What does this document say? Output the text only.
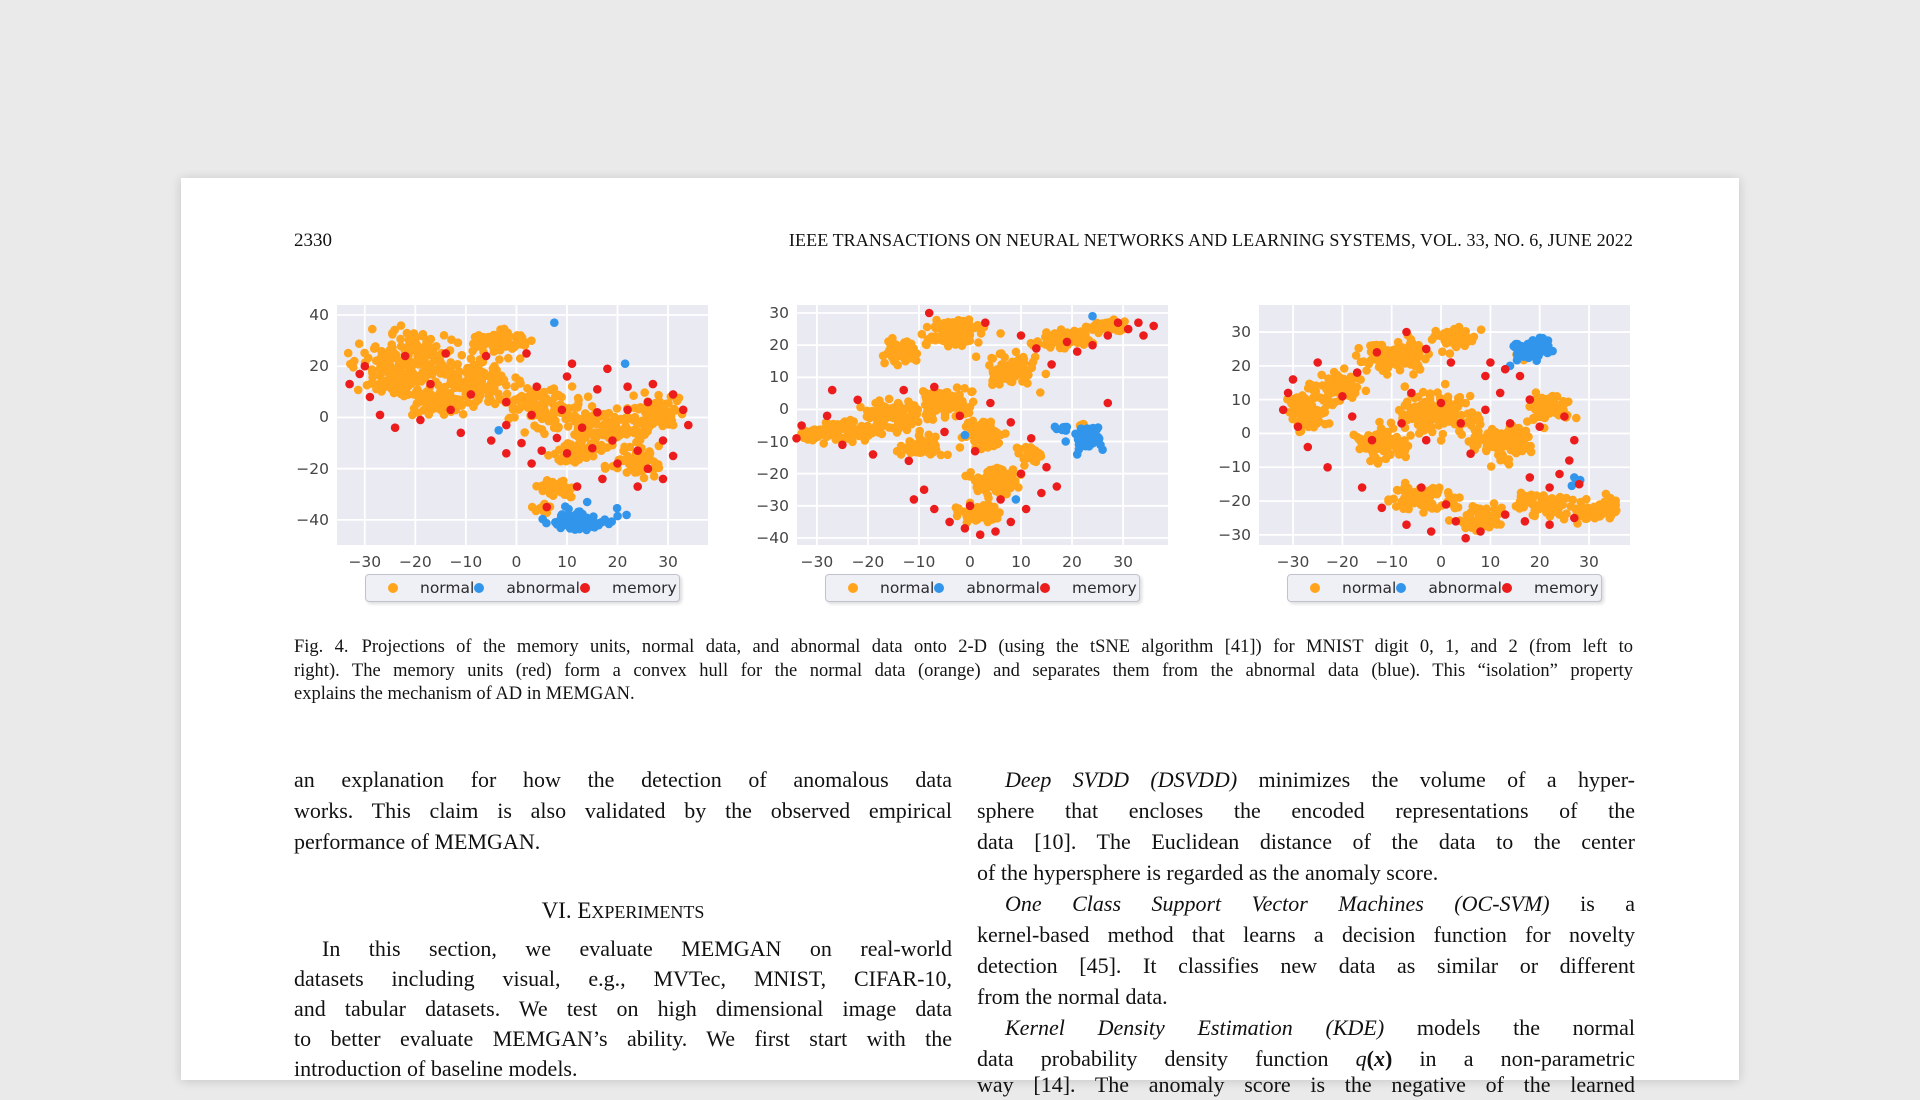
2330	IEEE TRANSACTIONS ON NEURAL NETWORKS AND LEARNING SYSTEMS, VOL. 33, NO. 6, JUNE 2022
40
20
0
−20
−40
−30	−20	−10	0	10	20	30
normal abnormal memory
30
20
10
0
−10
−20
−30
−40
−30	−20	−10	0	10	20	30
normal abnormal memory
30
20
10
0
−10
−20
−30
−30	−20	−10	0	10	20	30
normal abnormal memory
Fig. 4. Projections of the memory units, normal data, and abnormal data onto 2-D (using the tSNE algorithm [41]) for MNIST digit 0, 1, and 2 (from left to
right). The memory units (red) form a convex hull for the normal data (orange) and separates them from the abnormal data (blue). This “isolation” property
explains the mechanism of AD in MEMGAN.
an explanation for how the detection of anomalous data
works. This claim is also validated by the observed empirical
performance of MEMGAN.
VI. EXPERIMENTS
In this section, we evaluate MEMGAN on real-world
datasets including visual, e.g., MVTec, MNIST, CIFAR-10,
and tabular datasets. We test on high dimensional image data
to better evaluate MEMGAN’s ability. We first start with the
introduction of baseline models.
Deep SVDD (DSVDD) minimizes the volume of a hyper-
sphere that encloses the encoded representations of the
data [10]. The Euclidean distance of the data to the center
of the hypersphere is regarded as the anomaly score.
One Class Support Vector Machines (OC-SVM) is a
kernel-based method that learns a decision function for novelty
detection [45]. It classifies new data as similar or different
from the normal data.
Kernel Density Estimation (KDE) models the normal
data probability density function q(x) in a non-parametric
way [14]. The anomaly score is the negative of the learned
